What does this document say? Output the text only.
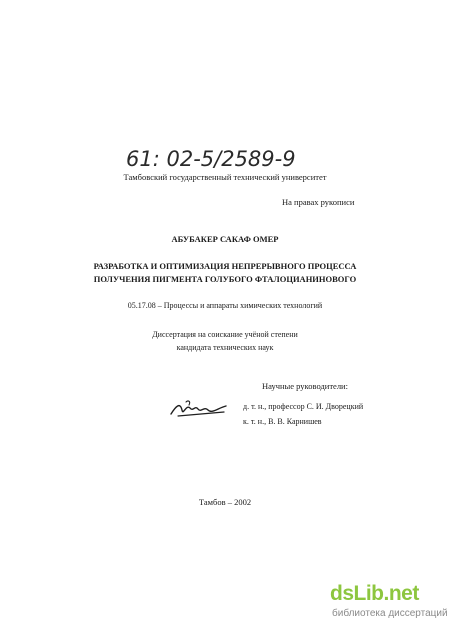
61: 02-5/2589-9
Тамбовский государственный технический университет
На правах рукописи
АБУБАКЕР САКАФ ОМЕР
РАЗРАБОТКА И ОПТИМИЗАЦИЯ НЕПРЕРЫВНОГО ПРОЦЕССА
ПОЛУЧЕНИЯ ПИГМЕНТА ГОЛУБОГО ФТАЛОЦИАНИНОВОГО
05.17.08 – Процессы и аппараты химических технологий
Диссертация на соискание учёной степени
кандидата технических наук
Научные руководители:
д. т. н., профессор С. И. Дворецкий
к. т. н., В. В. Карнишев
Тамбов – 2002
dsLib.net
библиотека диссертаций
